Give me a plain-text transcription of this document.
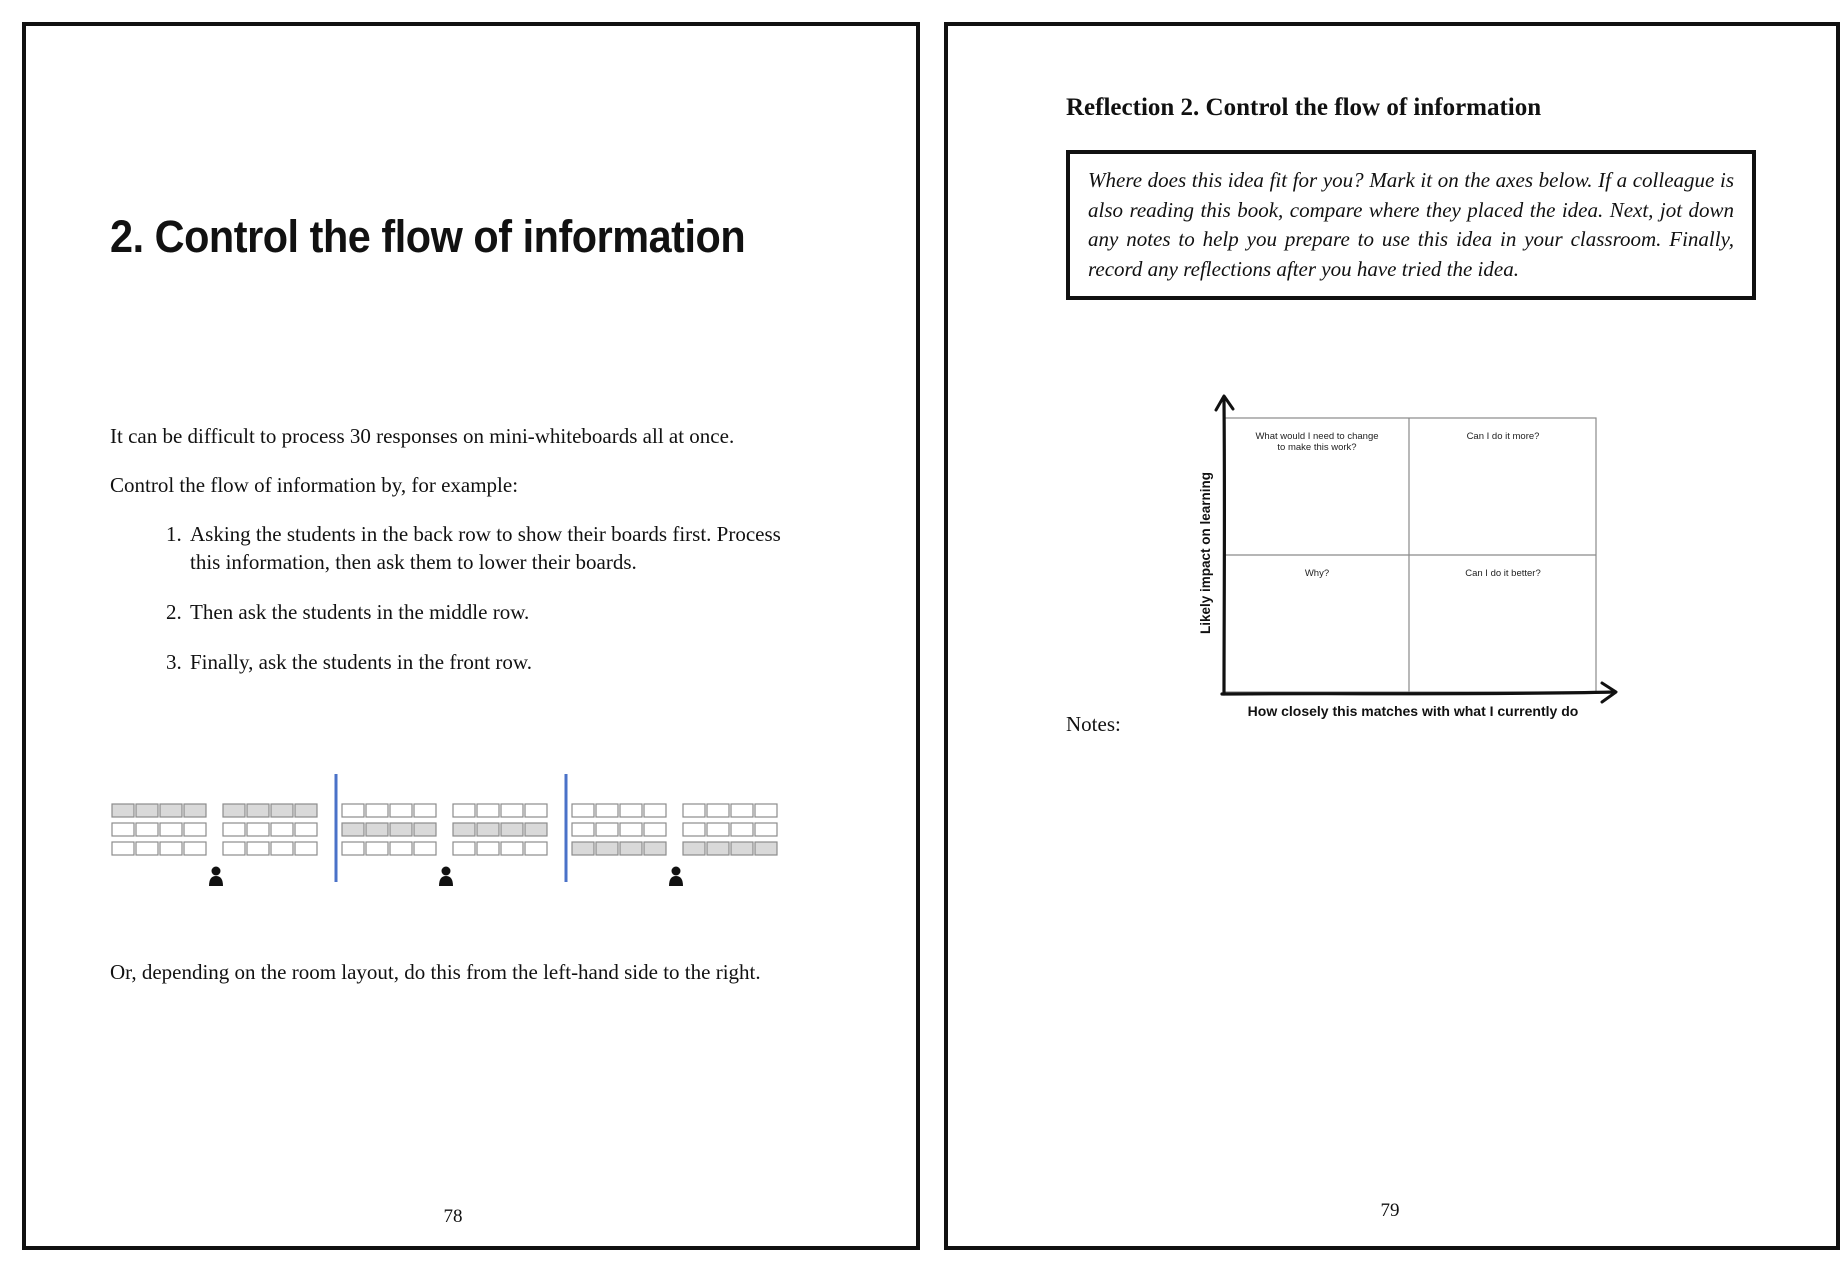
2. Control the flow of information
It can be difficult to process 30 responses on mini-whiteboards all at once.
Control the flow of information by, for example:
1. Asking the students in the back row to show their boards first. Process this information, then ask them to lower their boards.
2. Then ask the students in the middle row.
3. Finally, ask the students in the front row.
Or, depending on the room layout, do this from the left-hand side to the right.
78
Reflection 2. Control the flow of information
Where does this idea fit for you? Mark it on the axes below. If a colleague is also reading this book, compare where they placed the idea. Next, jot down any notes to help you prepare to use this idea in your classroom. Finally, record any reflections after you have tried the idea.
What would I need to change
to make this work?
Can I do it more?
Why?	Can I do it better?
Likely impact on learning
How closely this matches with what I currently do
Notes:
79
